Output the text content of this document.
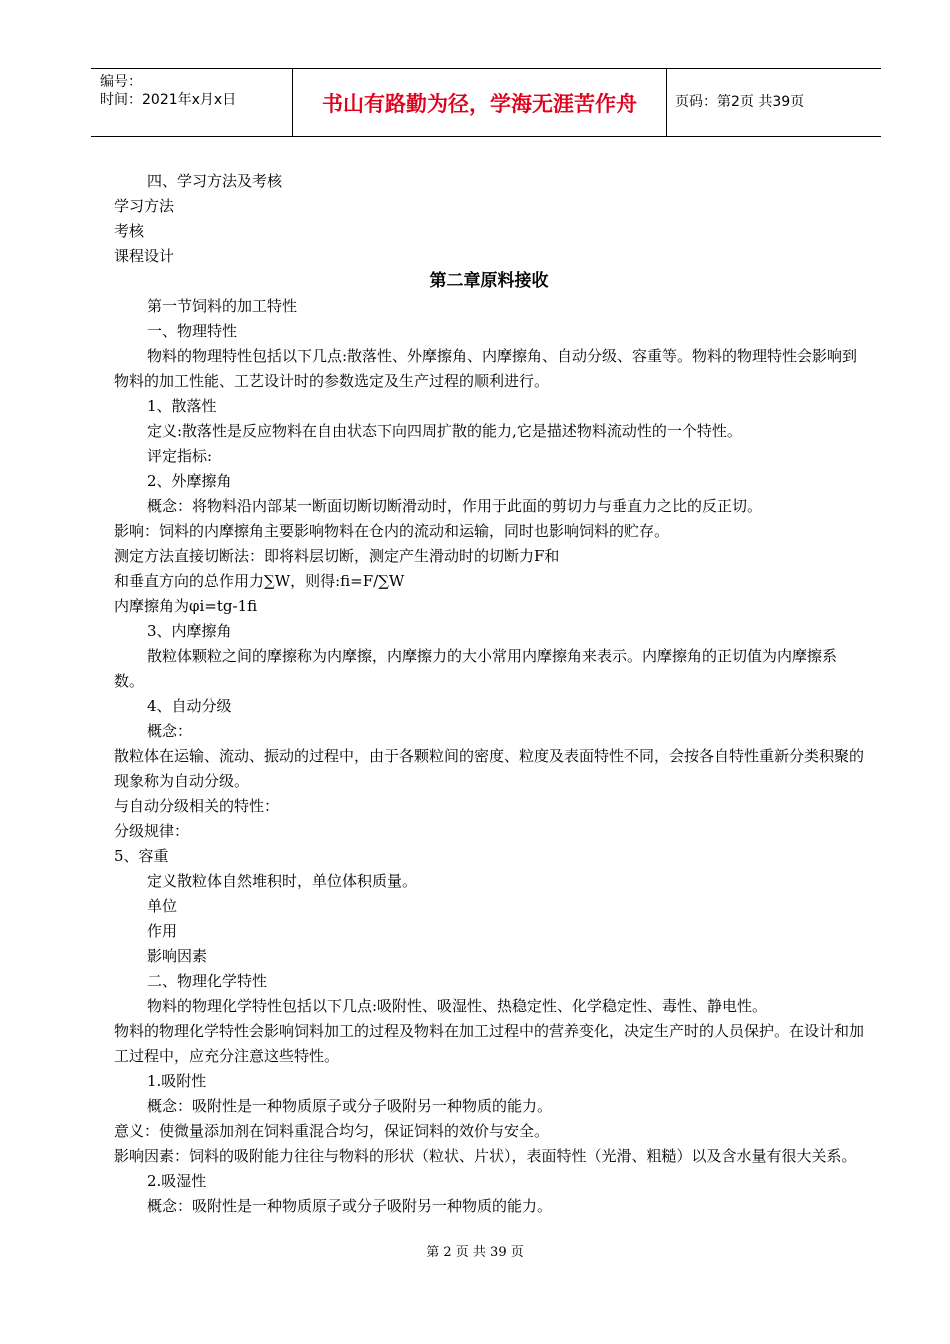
编号：
时间：2021年x月x日	书山有路勤为径，学海无涯苦作舟	页码：第2页 共39页

四、学习方法及考核

学习方法

考核

课程设计

第二章原料接收

第一节饲料的加工特性

一、物理特性

物料的物理特性包括以下几点:散落性、外摩擦角、内摩擦角、自动分级、容重等。物料的物理特性会影响到物料的加工性能、工艺设计时的参数选定及生产过程的顺利进行。

1、散落性

定义:散落性是反应物料在自由状态下向四周扩散的能力,它是描述物料流动性的一个特性。

评定指标:

2、外摩擦角

概念：将物料沿内部某一断面切断切断滑动时，作用于此面的剪切力与垂直力之比的反正切。

影响：饲料的内摩擦角主要影响物料在仓内的流动和运输，同时也影响饲料的贮存。

测定方法直接切断法：即将料层切断，测定产生滑动时的切断力F和

和垂直方向的总作用力∑W，则得:fi=F/∑W

内摩擦角为φi=tg-1fi

3、内摩擦角

散粒体颗粒之间的摩擦称为内摩擦，内摩擦力的大小常用内摩擦角来表示。内摩擦角的正切值为内摩擦系数。

4、自动分级

概念：

散粒体在运输、流动、振动的过程中，由于各颗粒间的密度、粒度及表面特性不同，会按各自特性重新分类积聚的现象称为自动分级。

与自动分级相关的特性：

分级规律：

5、容重

定义散粒体自然堆积时，单位体积质量。

单位

作用

影响因素

二、物理化学特性

物料的物理化学特性包括以下几点:吸附性、吸湿性、热稳定性、化学稳定性、毒性、静电性。

物料的物理化学特性会影响饲料加工的过程及物料在加工过程中的营养变化，决定生产时的人员保护。在设计和加工过程中，应充分注意这些特性。

1.吸附性

概念：吸附性是一种物质原子或分子吸附另一种物质的能力。

意义：使微量添加剂在饲料重混合均匀，保证饲料的效价与安全。

影响因素：饲料的吸附能力往往与物料的形状（粒状、片状），表面特性（光滑、粗糙）以及含水量有很大关系。

2.吸湿性

概念：吸附性是一种物质原子或分子吸附另一种物质的能力。

第 2 页 共 39 页
